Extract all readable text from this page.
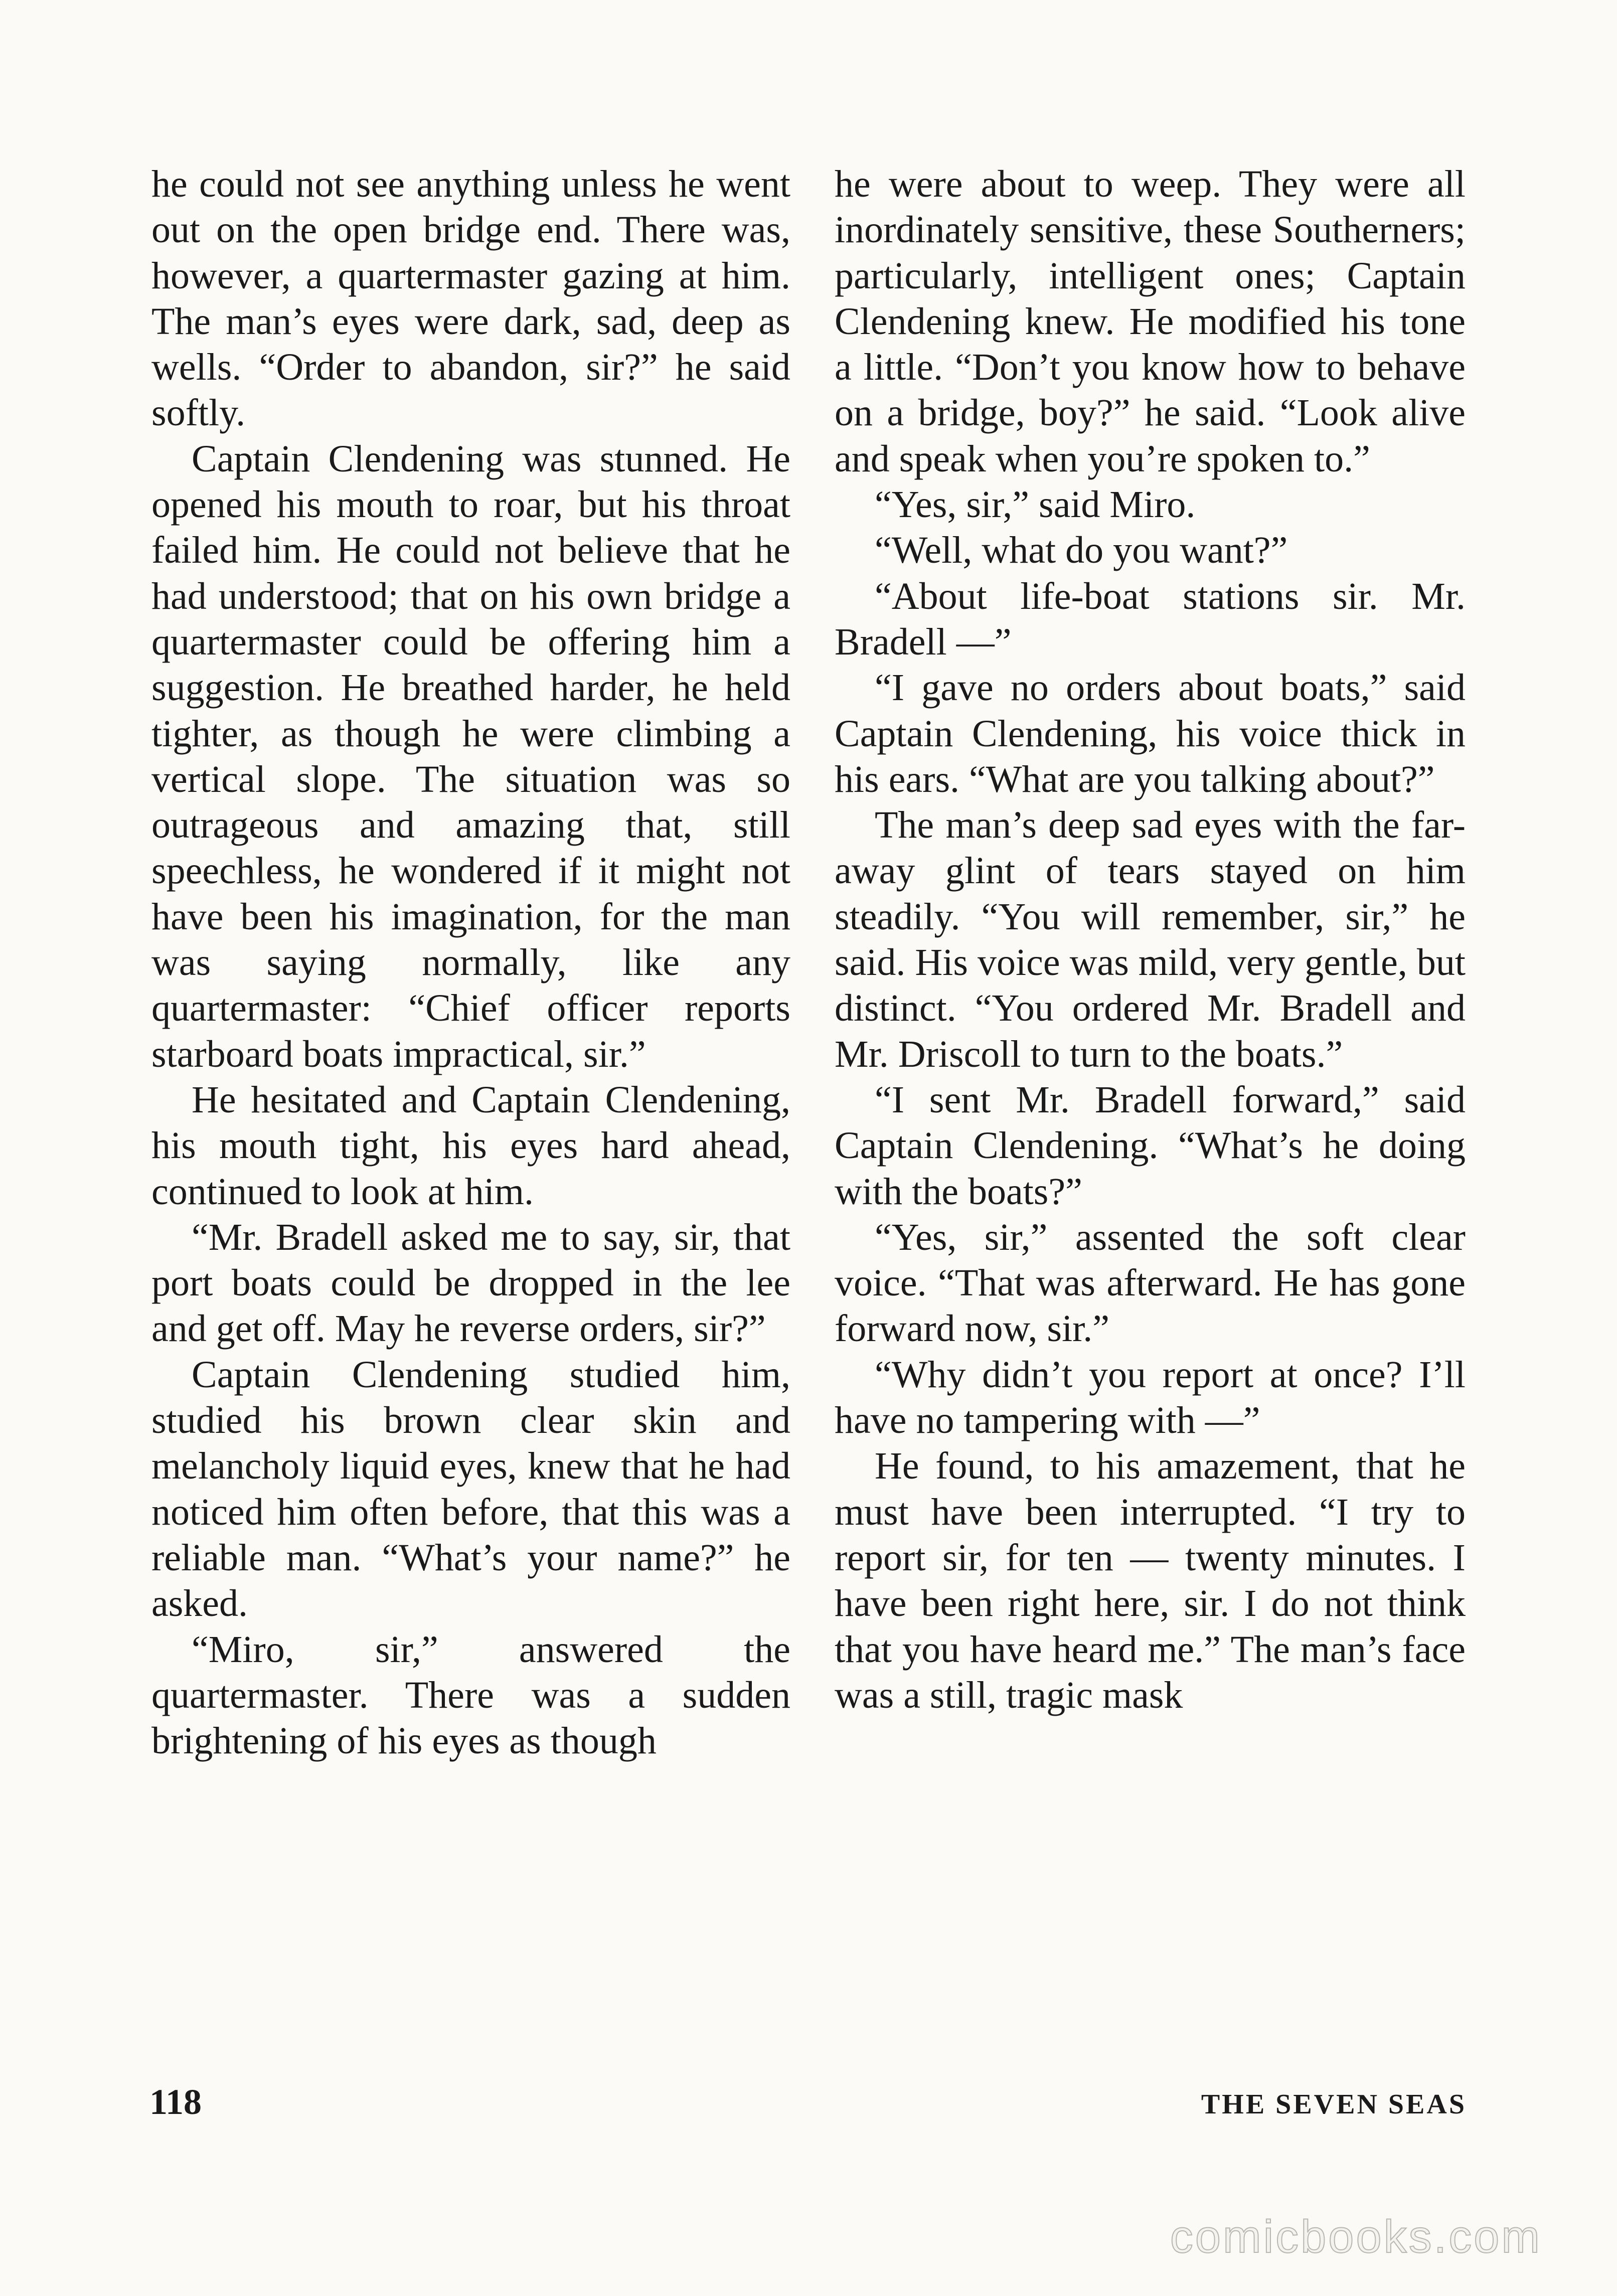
he could not see anything unless he went out on the open bridge end. There was, however, a quartermaster gazing at him. The man’s eyes were dark, sad, deep as wells. “Order to abandon, sir?” he said softly.

Captain Clendening was stunned. He opened his mouth to roar, but his throat failed him. He could not believe that he had understood; that on his own bridge a quartermaster could be offering him a suggestion. He breathed harder, he held tighter, as though he were climbing a vertical slope. The situation was so outrageous and amazing that, still speechless, he wondered if it might not have been his imagination, for the man was saying normally, like any quartermaster: “Chief officer reports starboard boats impractical, sir.”

He hesitated and Captain Clendening, his mouth tight, his eyes hard ahead, continued to look at him.

“Mr. Bradell asked me to say, sir, that port boats could be dropped in the lee and get off. May he reverse orders, sir?”

Captain Clendening studied him, studied his brown clear skin and melancholy liquid eyes, knew that he had noticed him often before, that this was a reliable man. “What’s your name?” he asked.

“Miro, sir,” answered the quartermaster. There was a sudden brightening of his eyes as though

he were about to weep. They were all inordinately sensitive, these Southerners; particularly, intelligent ones; Captain Clendening knew. He modified his tone a little. “Don’t you know how to behave on a bridge, boy?” he said. “Look alive and speak when you’re spoken to.”

“Yes, sir,” said Miro.

“Well, what do you want?”

“About life-boat stations sir. Mr. Bradell —”

“I gave no orders about boats,” said Captain Clendening, his voice thick in his ears. “What are you talking about?”

The man’s deep sad eyes with the far-away glint of tears stayed on him steadily. “You will remember, sir,” he said. His voice was mild, very gentle, but distinct. “You ordered Mr. Bradell and Mr. Driscoll to turn to the boats.”

“I sent Mr. Bradell forward,” said Captain Clendening. “What’s he doing with the boats?”

“Yes, sir,” assented the soft clear voice. “That was afterward. He has gone forward now, sir.”

“Why didn’t you report at once? I’ll have no tampering with —”

He found, to his amazement, that he must have been interrupted. “I try to report sir, for ten — twenty minutes. I have been right here, sir. I do not think that you have heard me.” The man’s face was a still, tragic mask

118	THE SEVEN SEAS
comicbooks.com
